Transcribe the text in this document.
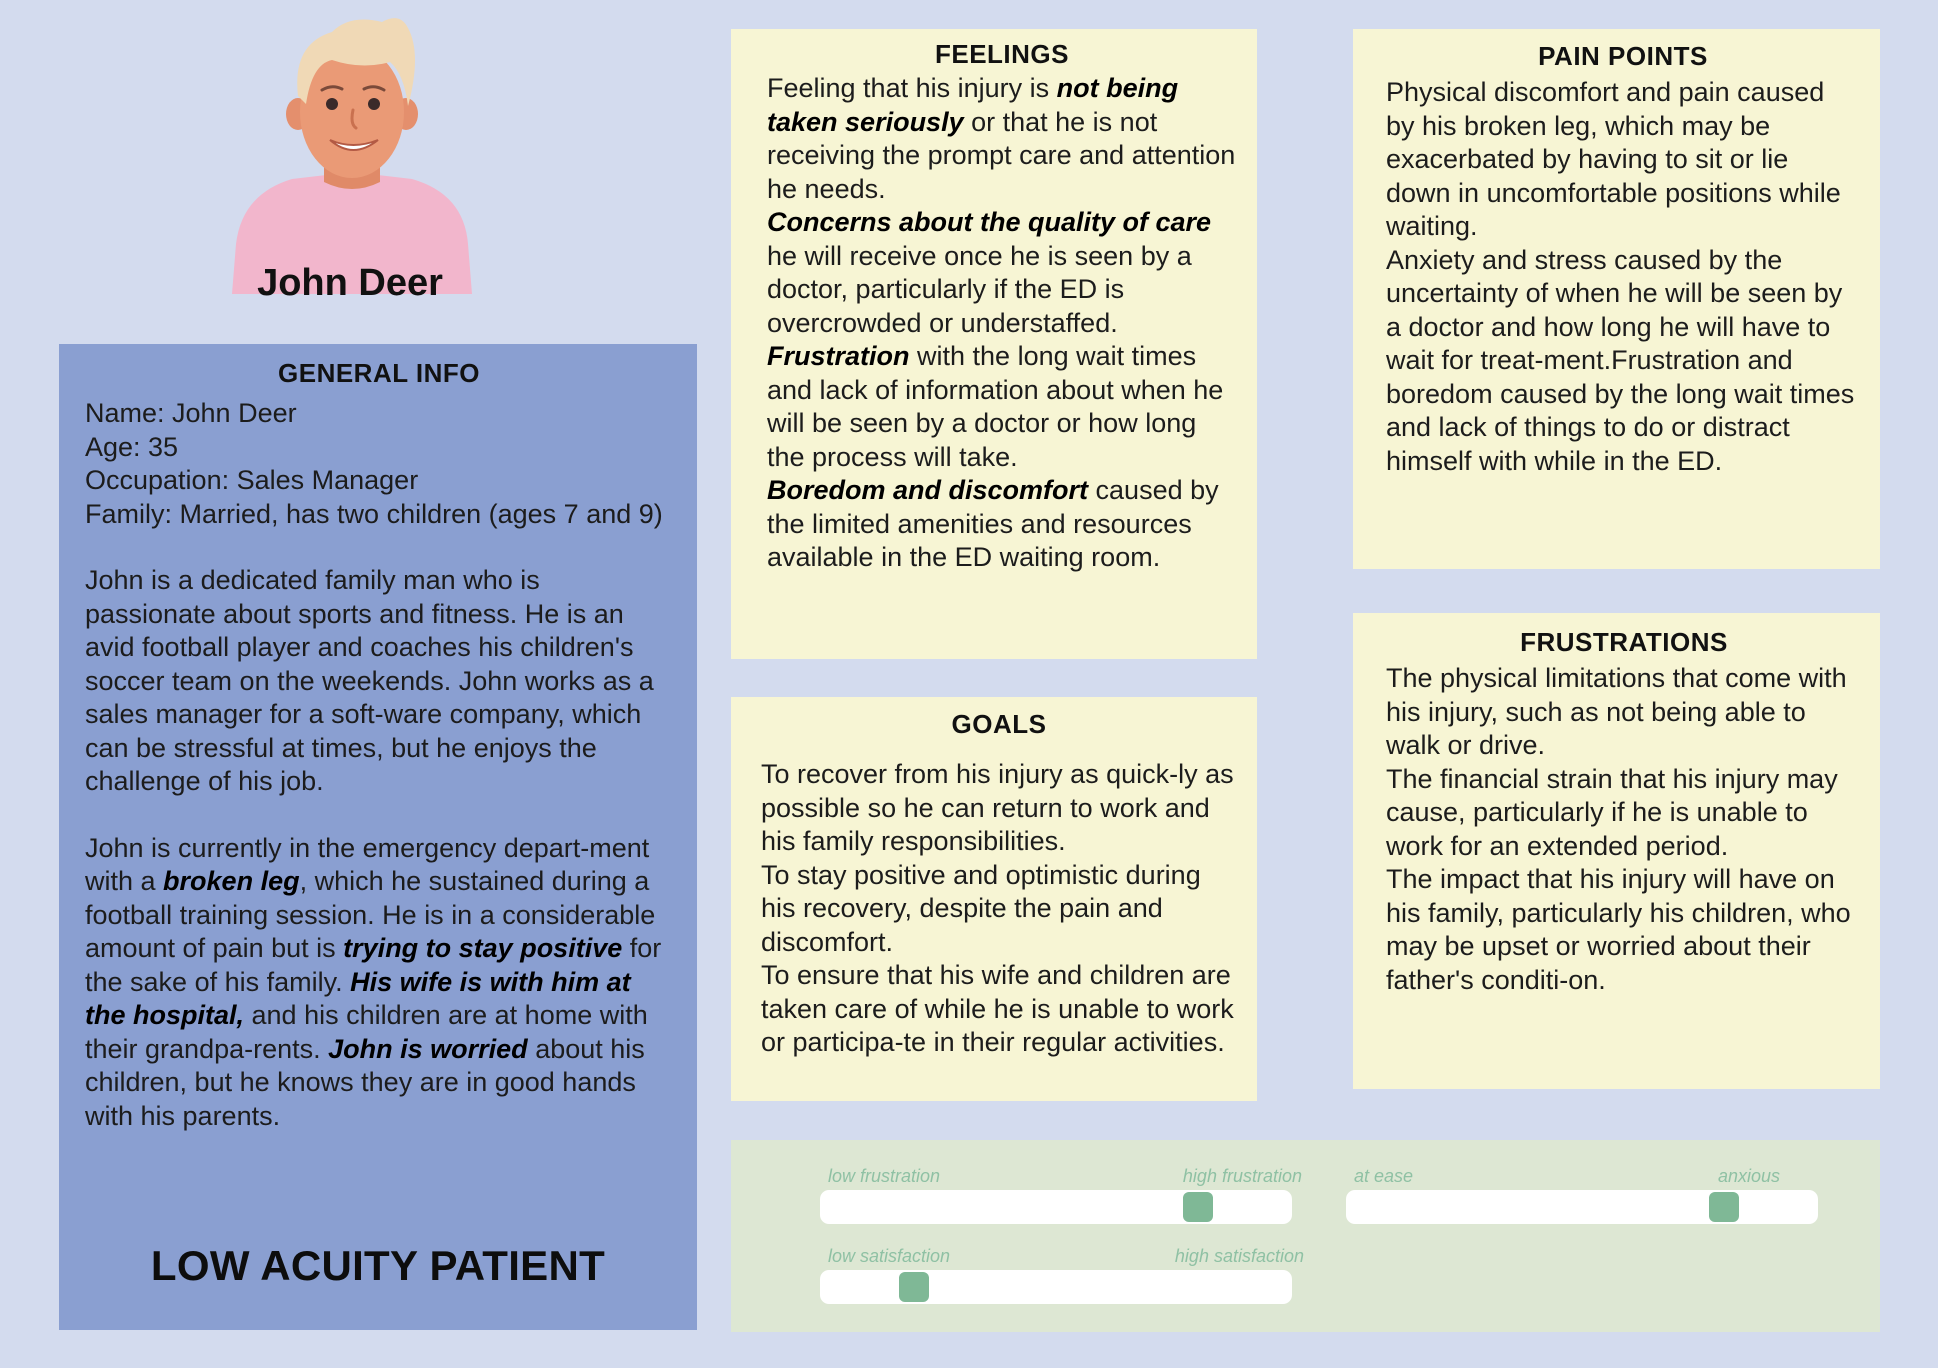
John Deer
GENERAL INFO

Name: John Deer

Age: 35

Occupation: Sales Manager

Family: Married, has two children (ages 7 and 9)

John is a dedicated family man who is passionate about sports and fitness. He is an avid football player and coaches his children's soccer team on the weekends. John works as a sales manager for a soft-ware company, which can be stressful at times, but he enjoys the challenge of his job.

John is currently in the emergency depart-ment with a broken leg, which he sustained during a football training session. He is in a considerable amount of pain but is trying to stay positive for the sake of his family. His wife is with him at the hospital, and his children are at home with their grandpa-rents. John is worried about his children, but he knows they are in good hands with his parents.

LOW ACUITY PATIENT
FEELINGS
Feeling that his injury is not being taken seriously or that he is not receiving the prompt care and attention he needs.
Concerns about the quality of care he will receive once he is seen by a doctor, particularly if the ED is overcrowded or understaffed.
Frustration with the long wait times and lack of information about when he will be seen by a doctor or how long the process will take.
Boredom and discomfort caused by the limited amenities and resources available in the ED waiting room.
GOALS

To recover from his injury as quick-ly as possible so he can return to work and his family responsibilities.

To stay positive and optimistic during his recovery, despite the pain and discomfort.

To ensure that his wife and children are taken care of while he is unable to work or participa-te in their regular activities.

PAIN POINTS

Physical discomfort and pain caused by his broken leg, which may be exacerbated by having to sit or lie down in uncomfortable positions while waiting.

Anxiety and stress caused by the uncertainty of when he will be seen by a doctor and how long he will have to wait for treat-ment.Frustration and boredom caused by the long wait times and lack of things to do or distract himself with while in the ED.

FRUSTRATIONS

The physical limitations that come with his injury, such as not being able to walk or drive.

The financial strain that his injury may cause, particularly if he is unable to work for an extended period.

The impact that his injury will have on his family, particularly his children, who may be upset or worried about their father's conditi-on.

low frustration	high frustration	at ease	anxious
low satisfaction	high satisfaction
